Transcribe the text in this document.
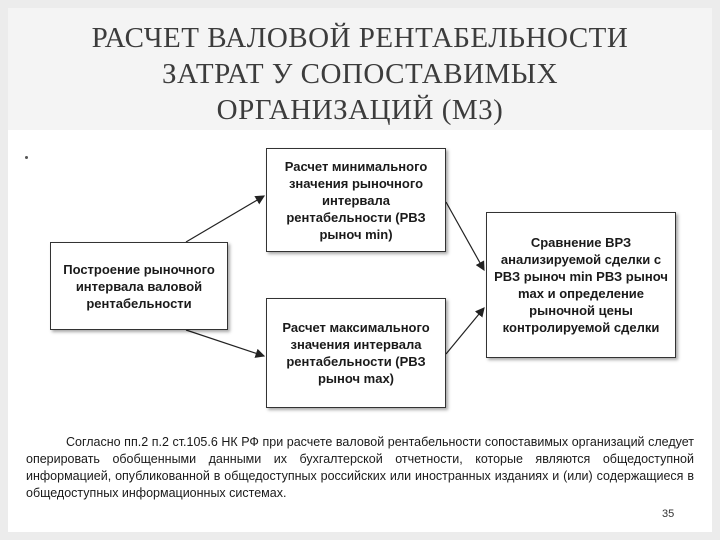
РАСЧЕТ ВАЛОВОЙ РЕНТАБЕЛЬНОСТИ
ЗАТРАТ У СОПОСТАВИМЫХ
ОРГАНИЗАЦИЙ (М3)
Построение рыночного интервала валовой рентабельности
Расчет минимального значения рыночного интервала рентабельности (РВЗ рыноч min)
Расчет максимального значения интервала рентабельности (РВЗ рыноч max)
Сравнение ВРЗ анализируемой сделки с РВЗ рыноч min РВЗ рыноч max и определение рыночной цены контролируемой сделки
Согласно пп.2 п.2 ст.105.6 НК РФ при расчете валовой рентабельности сопоставимых организаций следует оперировать обобщенными данными их бухгалтерской отчетности, которые являются общедоступной информацией, опубликованной в общедоступных российских или иностранных изданиях и (или) содержащиеся в общедоступных информационных системах.
35
